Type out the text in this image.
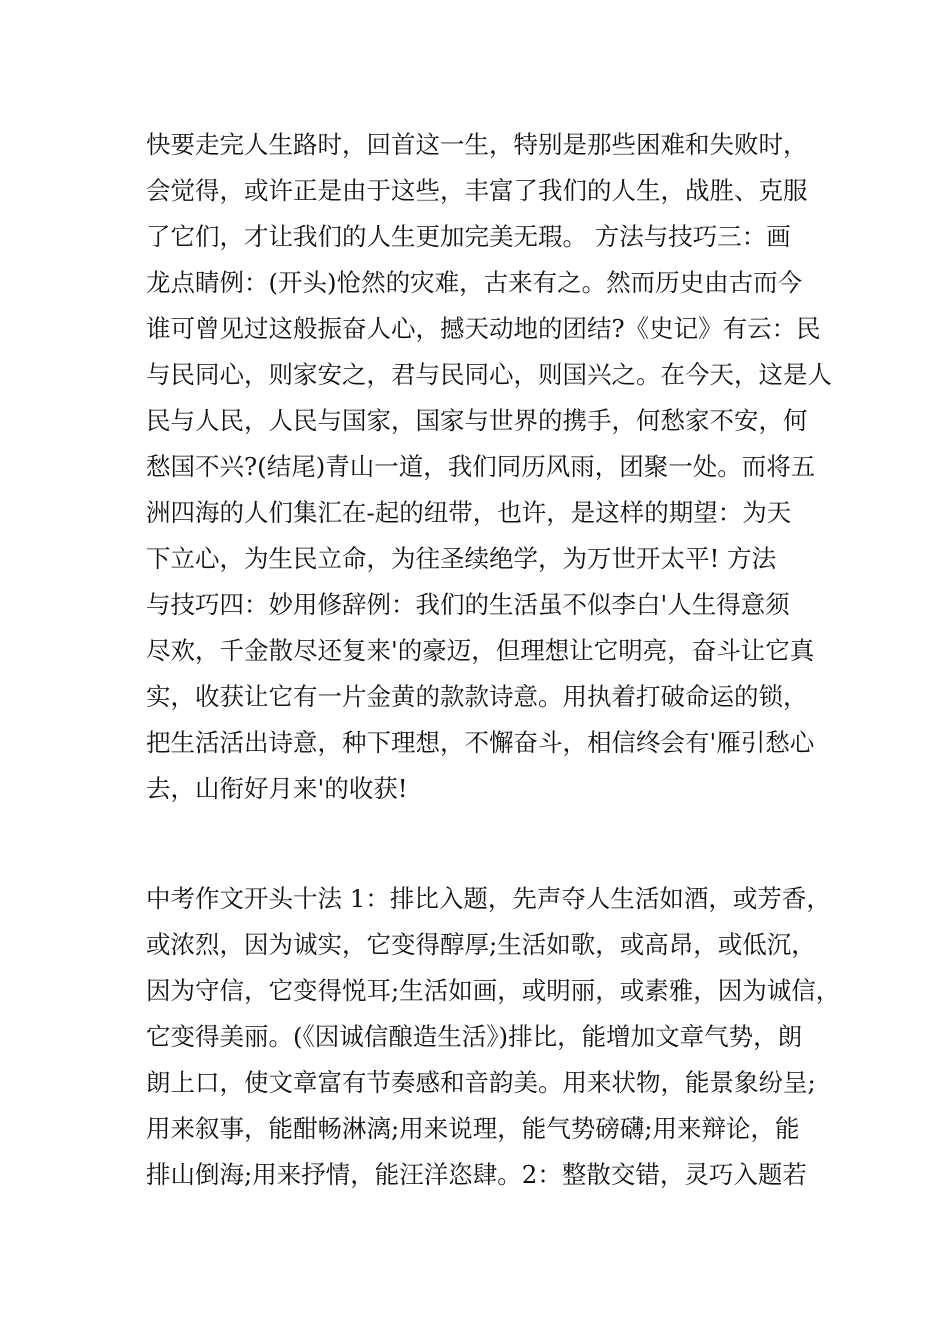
快要走完人生路时，回首这一生，特别是那些困难和失败时，
会觉得，或许正是由于这些，丰富了我们的人生，战胜、克服
了它们，才让我们的人生更加完美无瑕。 方法与技巧三：画
龙点睛例：(开头)怆然的灾难，古来有之。然而历史由古而今
谁可曾见过这般振奋人心，撼天动地的团结?《史记》有云：民
与民同心，则家安之，君与民同心，则国兴之。在今天，这是人
民与人民，人民与国家，国家与世界的携手，何愁家不安，何
愁国不兴?(结尾)青山一道，我们同历风雨，团聚一处。而将五
洲四海的人们集汇在-起的纽带，也许，是这样的期望：为天
下立心，为生民立命，为往圣续绝学，为万世开太平! 方法
与技巧四：妙用修辞例：我们的生活虽不似李白'人生得意须
尽欢，千金散尽还复来'的豪迈，但理想让它明亮，奋斗让它真
实，收获让它有一片金黄的款款诗意。用执着打破命运的锁，
把生活活出诗意，种下理想，不懈奋斗，相信终会有'雁引愁心
去，山衔好月来'的收获!
中考作文开头十法 1：排比入题，先声夺人生活如酒，或芳香，
或浓烈，因为诚实，它变得醇厚;生活如歌，或高昂，或低沉，
因为守信，它变得悦耳;生活如画，或明丽，或素雅，因为诚信，
它变得美丽。(《因诚信酿造生活》)排比，能增加文章气势，朗
朗上口，使文章富有节奏感和音韵美。用来状物，能景象纷呈;
用来叙事，能酣畅淋漓;用来说理，能气势磅礴;用来辩论，能
排山倒海;用来抒情，能汪洋恣肆。2：整散交错，灵巧入题若
